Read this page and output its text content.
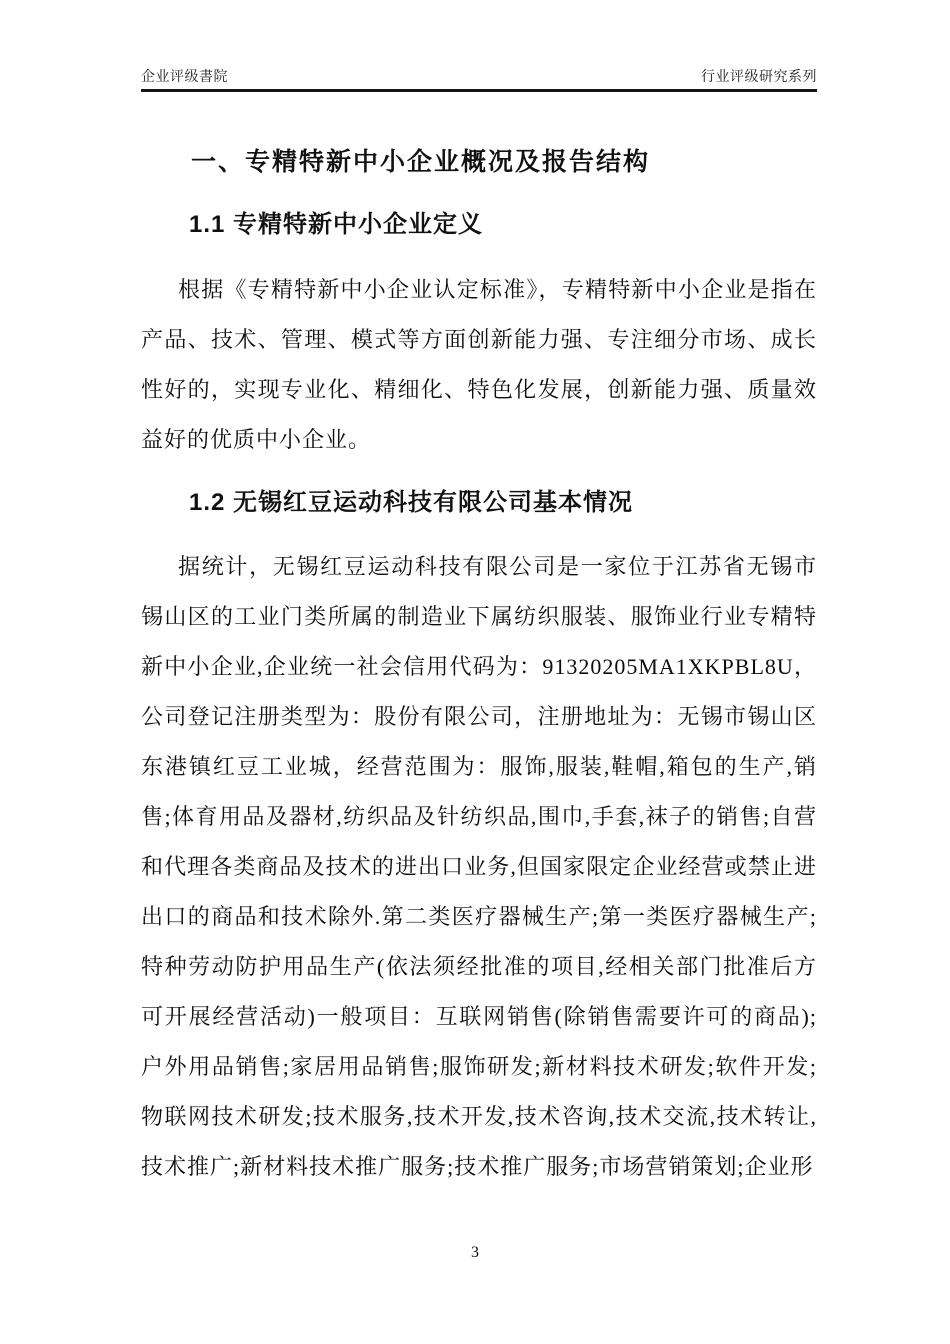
企业评级書院	行业评级研究系列
一、专精特新中小企业概况及报告结构
1.1 专精特新中小企业定义

根据《专精特新中小企业认定标准》，专精特新中小企业是指在产品、技术、管理、模式等方面创新能力强、专注细分市场、成长性好的，实现专业化、精细化、特色化发展，创新能力强、质量效益好的优质中小企业。

1.2 无锡红豆运动科技有限公司基本情况

据统计，无锡红豆运动科技有限公司是一家位于江苏省无锡市锡山区的工业门类所属的制造业下属纺织服装、服饰业行业专精特新中小企业,企业统一社会信用代码为：91320205MA1XKPBL8U，公司登记注册类型为：股份有限公司，注册地址为：无锡市锡山区东港镇红豆工业城，经营范围为：服饰,服装,鞋帽,箱包的生产,销售;体育用品及器材,纺织品及针纺织品,围巾,手套,袜子的销售;自营和代理各类商品及技术的进出口业务,但国家限定企业经营或禁止进出口的商品和技术除外.第二类医疗器械生产;第一类医疗器械生产;特种劳动防护用品生产(依法须经批准的项目,经相关部门批准后方可开展经营活动)一般项目：互联网销售(除销售需要许可的商品);户外用品销售;家居用品销售;服饰研发;新材料技术研发;软件开发;物联网技术研发;技术服务,技术开发,技术咨询,技术交流,技术转让,技术推广;新材料技术推广服务;技术推广服务;市场营销策划;企业形

3
